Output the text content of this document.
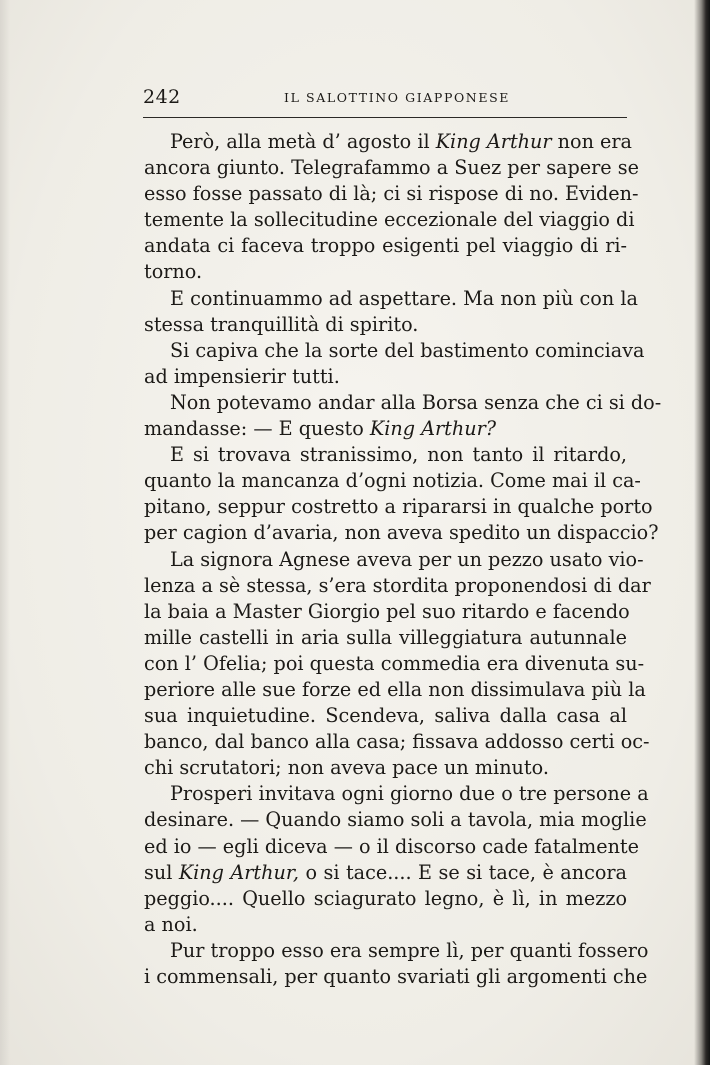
242	IL SALOTTINO GIAPPONESE
Però, alla metà d’ agosto il King Arthur non era
ancora giunto. Telegrafammo a Suez per sapere se
esso fosse passato di là; ci si rispose di no. Eviden-
temente la sollecitudine eccezionale del viaggio di
andata ci faceva troppo esigenti pel viaggio di ri-
torno.
E continuammo ad aspettare. Ma non più con la
stessa tranquillità di spirito.
Si capiva che la sorte del bastimento cominciava
ad impensierir tutti.
Non potevamo andar alla Borsa senza che ci si do-
mandasse: — E questo King Arthur?
E si trovava stranissimo, non tanto il ritardo,
quanto la mancanza d’ogni notizia. Come mai il ca-
pitano, seppur costretto a ripararsi in qualche porto
per cagion d’avaria, non aveva spedito un dispaccio?
La signora Agnese aveva per un pezzo usato vio-
lenza a sè stessa, s’era stordita proponendosi di dar
la baia a Master Giorgio pel suo ritardo e facendo
mille castelli in aria sulla villeggiatura autunnale
con l’ Ofelia; poi questa commedia era divenuta su-
periore alle sue forze ed ella non dissimulava più la
sua inquietudine. Scendeva, saliva dalla casa al
banco, dal banco alla casa; fissava addosso certi oc-
chi scrutatori; non aveva pace un minuto.
Prosperi invitava ogni giorno due o tre persone a
desinare. — Quando siamo soli a tavola, mia moglie
ed io — egli diceva — o il discorso cade fatalmente
sul King Arthur, o si tace.... E se si tace, è ancora
peggio.... Quello sciagurato legno, è lì, in mezzo
a noi.
Pur troppo esso era sempre lì, per quanti fossero
i commensali, per quanto svariati gli argomenti che
